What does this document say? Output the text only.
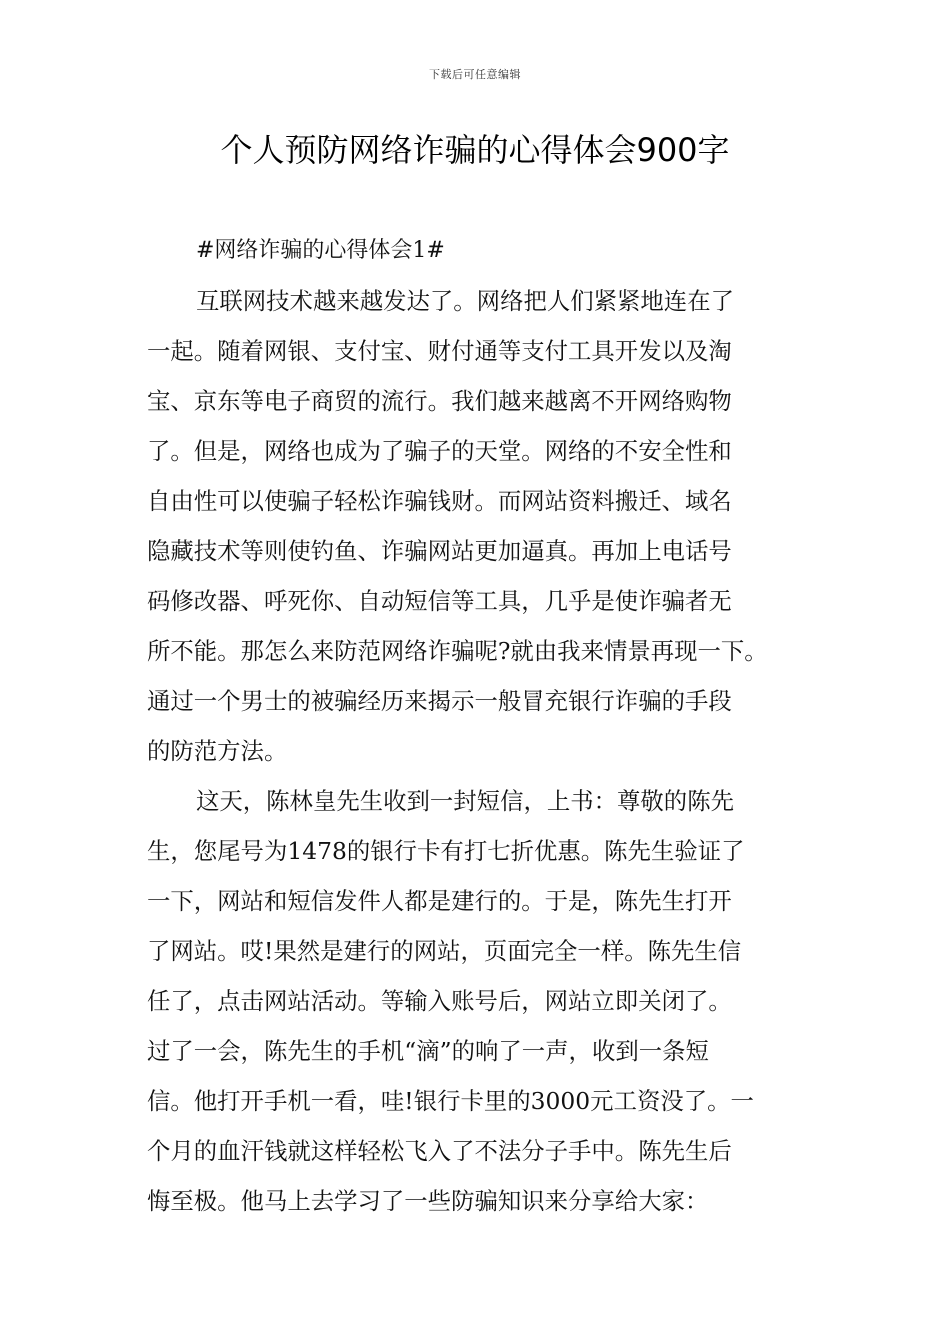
下载后可任意编辑
个人预防网络诈骗的心得体会900字
#网络诈骗的心得体会1#
互联网技术越来越发达了。网络把人们紧紧地连在了
一起。随着网银、支付宝、财付通等支付工具开发以及淘
宝、京东等电子商贸的流行。我们越来越离不开网络购物
了。但是，网络也成为了骗子的天堂。网络的不安全性和
自由性可以使骗子轻松诈骗钱财。而网站资料搬迁、域名
隐藏技术等则使钓鱼、诈骗网站更加逼真。再加上电话号
码修改器、呼死你、自动短信等工具，几乎是使诈骗者无
所不能。那怎么来防范网络诈骗呢?就由我来情景再现一下。
通过一个男士的被骗经历来揭示一般冒充银行诈骗的手段
的防范方法。
这天，陈林皇先生收到一封短信，上书：尊敬的陈先
生，您尾号为1478的银行卡有打七折优惠。陈先生验证了
一下，网站和短信发件人都是建行的。于是，陈先生打开
了网站。哎!果然是建行的网站，页面完全一样。陈先生信
任了，点击网站活动。等输入账号后，网站立即关闭了。
过了一会，陈先生的手机“滴”的响了一声，收到一条短
信。他打开手机一看，哇!银行卡里的3000元工资没了。一
个月的血汗钱就这样轻松飞入了不法分子手中。陈先生后
悔至极。他马上去学习了一些防骗知识来分享给大家：
